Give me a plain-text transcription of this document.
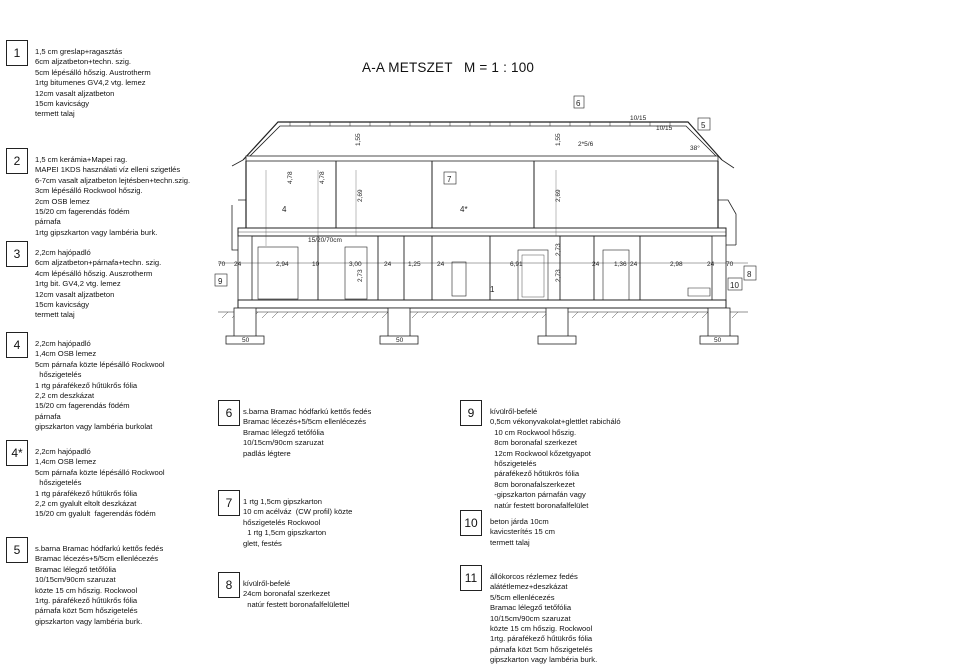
A-A METSZET M = 1 : 100
1	1,5 cm greslap+ragasztás
6cm aljzatbeton+techn. szig.
5cm lépésálló hőszig. Austrotherm
1rtg bitumenes GV4,2 vtg. lemez
12cm vasalt aljzatbeton
15cm kavicságy
termett talaj
2	1,5 cm kerámia+Mapei rag.
MAPEI 1KDS használati víz elleni szigetlés
6-7cm vasalt aljzatbeton lejtésben+techn.szig.
3cm lépésálló Rockwool hőszig.
2cm OSB lemez
15/20 cm fagerendás födém
párnafa
1rtg gipszkarton vagy lambéria burk.
3	2,2cm hajópadló
6cm aljzatbeton+párnafa+techn. szig.
4cm lépésálló hőszig. Auszrotherm
1rtg bit. GV4,2 vtg. lemez
12cm vasalt aljzatbeton
15cm kavicságy
termett talaj
4	2,2cm hajópadló
1,4cm OSB lemez
5cm párnafa közte lépésálló Rockwool
hőszigetelés
1 rtg párafékező hűtükrős fólia
2,2 cm deszkázat
15/20 cm fagerendás födém
párnafa
gipszkarton vagy lambéria burkolat
4*	2,2cm hajópadló
1,4cm OSB lemez
5cm párnafa közte lépésálló Rockwool
hőszigetelés
1 rtg párafékező hűtükrős fólia
2,2 cm gyalult eltolt deszkázat
15/20 cm gyalult  fagerendás födém
5	s.barna Bramac hódfarkú kettős fedés
Bramac lécezés+5/5cm ellenlécezés
Bramac lélegző tetőfólia
10/15cm/90cm szaruzat
közte 15 cm hőszig. Rockwool
1rtg. párafékező hűtükrős fólia
párnafa közt 5cm hőszigetelés
gipszkarton vagy lambéria burk.
6	s.barna Bramac hódfarkú kettős fedés
Bramac lécezés+5/5cm ellenlécezés
Bramac lélegző tetőfólia
10/15cm/90cm szaruzat
padlás légtere
7	1 rtg 1,5cm gipszkarton
10 cm acélváz  (CW profil) közte
hőszigetelés Rockwool
1 rtg 1,5cm gipszkarton
glett, festés
8	kívülről-befelé
24cm boronafal szerkezet
natúr festett boronafalfelülettel
9	kívülről-befelé
0,5cm vékonyvakolat+glettlet rabicháló
10 cm Rockwool hőszig.
8cm boronafal szerkezet
12cm Rockwool kőzetgyapot
hőszigetelés
párafékező hőtükrös fólia
8cm boronafalszerkezet
-gipszkarton párnafán vagy
natúr festett boronafalfelület
10	beton járda 10cm
kavicsterítés 15 cm
termett talaj
11	állókorcos rézlemez fedés
alátétlemez+deszkázat
5/5cm ellenlécezés
Bramac lélegző tetőfólia
10/15cm/90cm szaruzat
közte 15 cm hőszig. Rockwool
1rtg. párafékező hűtükrős fólia
párnafa közt 5cm hőszigetelés
gipszkarton vagy lambéria burk.
6
5
10/15
10/15
38°
2*5/6
15/20/70cm
4,78	4,78
2,69	2,69
1,55	1,55
4	4*
7
1
8
9	10
70 24	2,94	10	3,00	24	1,25	24	6,91	24 1,36 24	2,98	24 70
2,73	2,73
2,73
50	50	50
